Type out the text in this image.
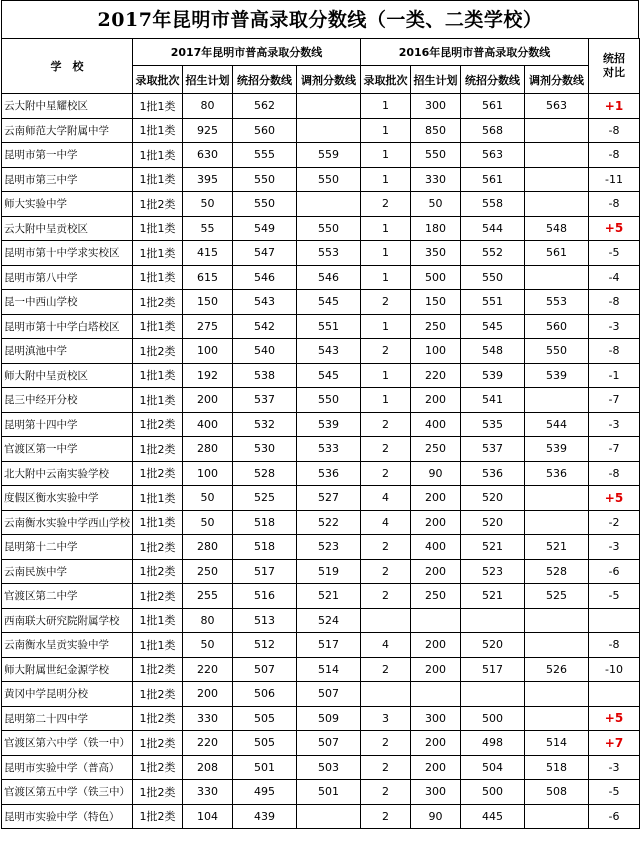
2017年昆明市普高录取分数线（一类、二类学校）
学　校	2017年昆明市普高录取分数线				2016年昆明市普高录取分数线				统招对比

	录取批次	招生计划	统招分数线	调剂分数线	录取批次	招生计划	统招分数线	调剂分数线	
云大附中星耀校区	1批1类	80	562		1	300	561	563	+1
云南师范大学附属中学	1批1类	925	560		1	850	568		-8
昆明市第一中学	1批1类	630	555	559	1	550	563		-8
昆明市第三中学	1批1类	395	550	550	1	330	561		-11
师大实验中学	1批2类	50	550		2	50	558		-8
云大附中呈贡校区	1批1类	55	549	550	1	180	544	548	+5
昆明市第十中学求实校区	1批1类	415	547	553	1	350	552	561	-5
昆明市第八中学	1批1类	615	546	546	1	500	550		-4
昆一中西山学校	1批2类	150	543	545	2	150	551	553	-8
昆明市第十中学白塔校区	1批1类	275	542	551	1	250	545	560	-3
昆明滇池中学	1批2类	100	540	543	2	100	548	550	-8
师大附中呈贡校区	1批1类	192	538	545	1	220	539	539	-1
昆三中经开分校	1批1类	200	537	550	1	200	541		-7
昆明第十四中学	1批2类	400	532	539	2	400	535	544	-3
官渡区第一中学	1批2类	280	530	533	2	250	537	539	-7
北大附中云南实验学校	1批2类	100	528	536	2	90	536	536	-8
度假区衡水实验中学	1批1类	50	525	527	4	200	520		+5
云南衡水实验中学西山学校	1批1类	50	518	522	4	200	520		-2
昆明第十二中学	1批2类	280	518	523	2	400	521	521	-3
云南民族中学	1批2类	250	517	519	2	200	523	528	-6
官渡区第二中学	1批2类	255	516	521	2	250	521	525	-5
西南联大研究院附属学校	1批1类	80	513	524					
云南衡水呈贡实验中学	1批1类	50	512	517	4	200	520		-8
师大附属世纪金源学校	1批2类	220	507	514	2	200	517	526	-10
黄冈中学昆明分校	1批2类	200	506	507					
昆明第二十四中学	1批2类	330	505	509	3	300	500		+5
官渡区第六中学（铁一中）	1批2类	220	505	507	2	200	498	514	+7
昆明市实验中学（普高）	1批2类	208	501	503	2	200	504	518	-3
官渡区第五中学（铁三中）	1批2类	330	495	501	2	300	500	508	-5
昆明市实验中学（特色）	1批2类	104	439		2	90	445		-6
